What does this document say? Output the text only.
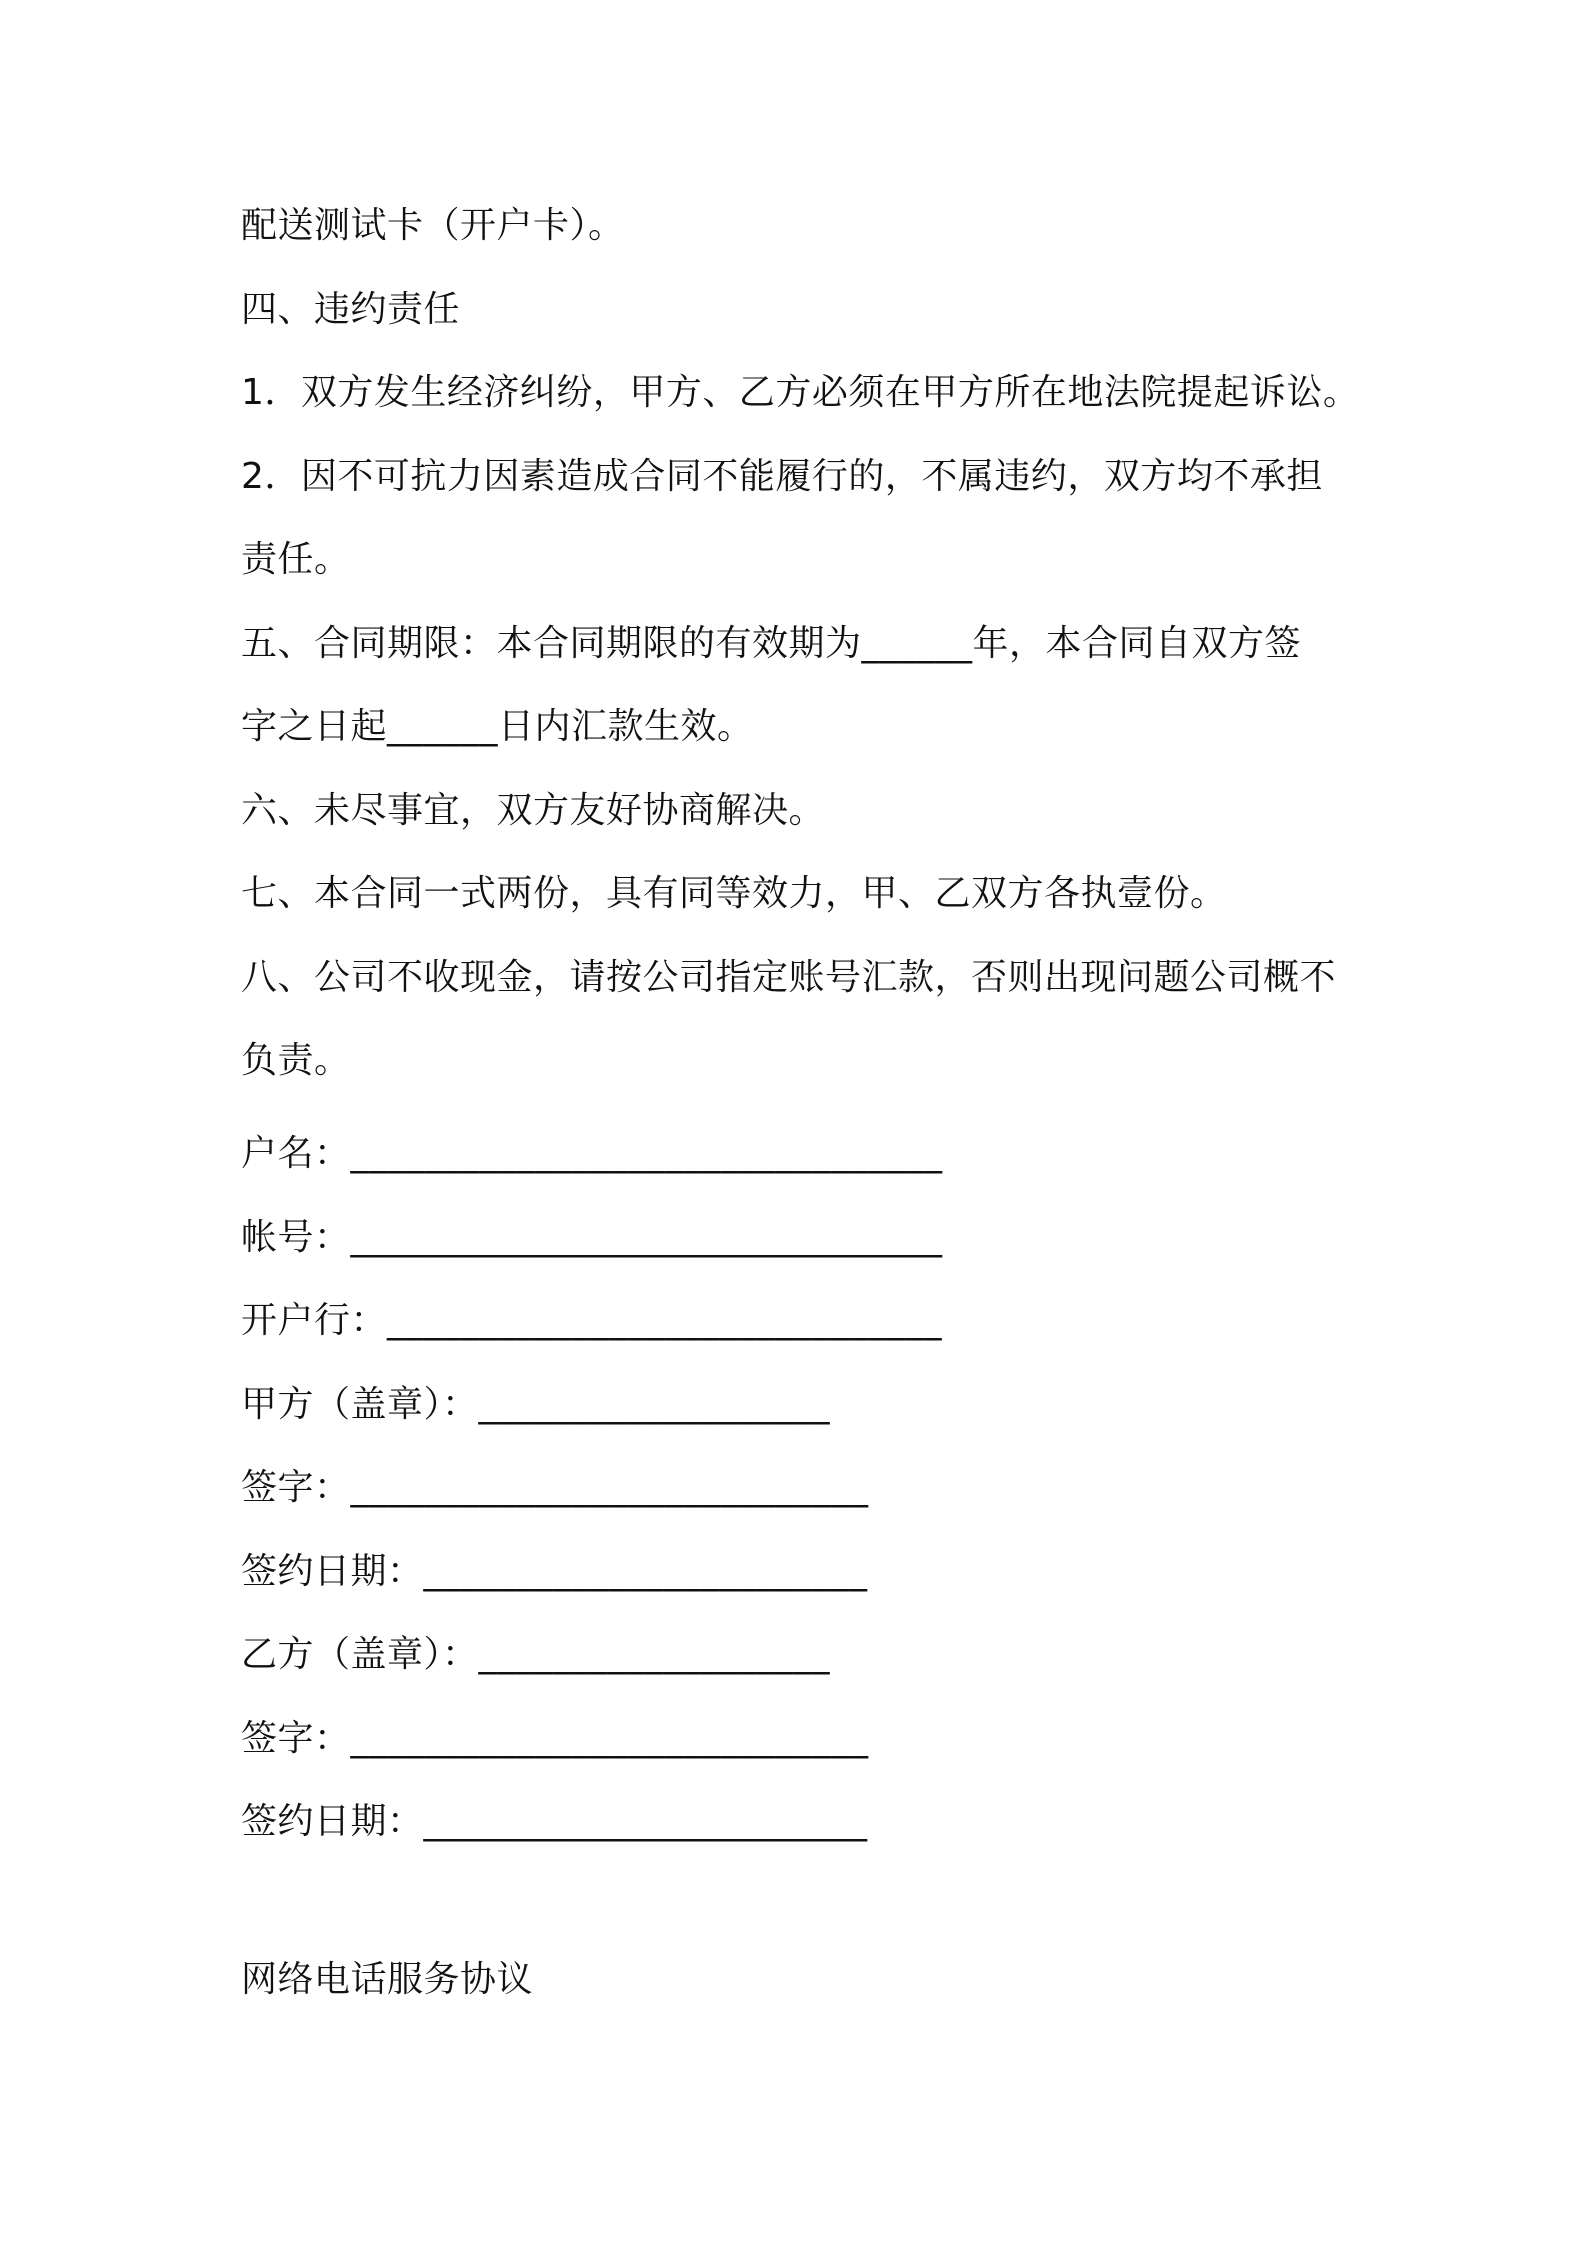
配送测试卡（开户卡）。
四、违约责任
1．双方发生经济纠纷，甲方、乙方必须在甲方所在地法院提起诉讼。
2．因不可抗力因素造成合同不能履行的，不属违约，双方均不承担
责任。
五、合同期限：本合同期限的有效期为______年，本合同自双方签
字之日起______日内汇款生效。
六、未尽事宜，双方友好协商解决。
七、本合同一式两份，具有同等效力，甲、乙双方各执壹份。
八、公司不收现金，请按公司指定账号汇款，否则出现问题公司概不
负责。
户名：________________________________
帐号：________________________________
开户行：______________________________
甲方（盖章）：___________________
签字：____________________________
签约日期：________________________
乙方（盖章）：___________________
签字：____________________________
签约日期：________________________
网络电话服务协议
